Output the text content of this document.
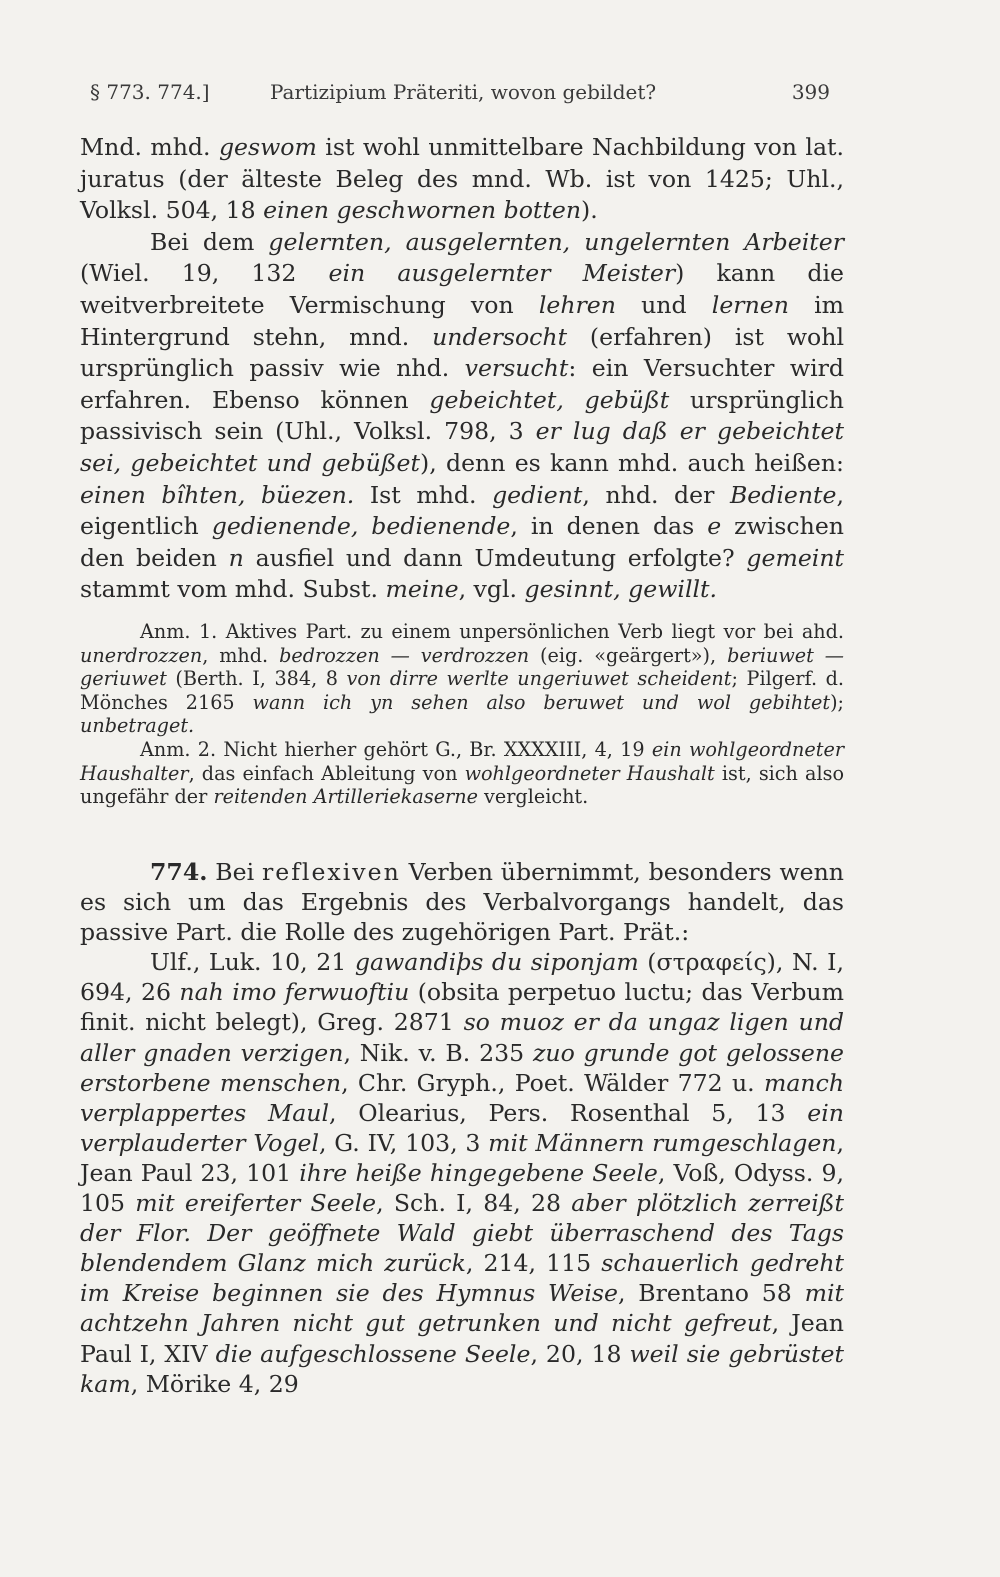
§ 773. 774.]	Partizipium Präteriti, wovon gebildet?	399

Mnd. mhd. geswom ist wohl unmittelbare Nachbildung von lat. juratus (der älteste Beleg des mnd. Wb. ist von 1425; Uhl., Volksl. 504, 18 einen geschwornen botten).

Bei dem gelernten, ausgelernten, ungelernten Arbeiter (Wiel. 19, 132 ein ausgelernter Meister) kann die weitverbreitete Vermischung von lehren und lernen im Hintergrund stehn, mnd. undersocht (erfahren) ist wohl ursprünglich passiv wie nhd. versucht: ein Versuchter wird erfahren. Ebenso können gebeichtet, gebüßt ursprünglich passivisch sein (Uhl., Volksl. 798, 3 er lug daß er gebeichtet sei, gebeichtet und gebüßet), denn es kann mhd. auch heißen: einen bîhten, büezen. Ist mhd. gedient, nhd. der Bediente, eigentlich gedienende, bedienende, in denen das e zwischen den beiden n ausfiel und dann Umdeutung erfolgte? gemeint stammt vom mhd. Subst. meine, vgl. gesinnt, gewillt.

Anm. 1. Aktives Part. zu einem unpersönlichen Verb liegt vor bei ahd. unerdrozzen, mhd. bedrozzen — verdrozzen (eig. «geärgert»), beriuwet — geriuwet (Berth. I, 384, 8 von dirre werlte ungeriuwet scheident; Pilgerf. d. Mönches 2165 wann ich yn sehen also beruwet und wol gebihtet); unbetraget.

Anm. 2. Nicht hierher gehört G., Br. XXXXIII, 4, 19 ein wohlgeordneter Haushalter, das einfach Ableitung von wohlgeordneter Haushalt ist, sich also ungefähr der reitenden Artilleriekaserne vergleicht.

774. Bei reflexiven Verben übernimmt, besonders wenn es sich um das Ergebnis des Verbalvorgangs handelt, das passive Part. die Rolle des zugehörigen Part. Prät.:

Ulf., Luk. 10, 21 gawandiþs du siponjam (στραφείς), N. I, 694, 26 nah imo ferwuoftiu (obsita perpetuo luctu; das Verbum finit. nicht belegt), Greg. 2871 so muoz er da ungaz ligen und aller gnaden verzigen, Nik. v. B. 235 zuo grunde got gelossene erstorbene menschen, Chr. Gryph., Poet. Wälder 772 u. manch verplappertes Maul, Olearius, Pers. Rosenthal 5, 13 ein verplauderter Vogel, G. IV, 103, 3 mit Männern rumgeschlagen, Jean Paul 23, 101 ihre heiße hingegebene Seele, Voß, Odyss. 9, 105 mit ereiferter Seele, Sch. I, 84, 28 aber plötzlich zerreißt der Flor. Der geöffnete Wald giebt überraschend des Tags blendendem Glanz mich zurück, 214, 115 schauerlich gedreht im Kreise beginnen sie des Hymnus Weise, Brentano 58 mit achtzehn Jahren nicht gut getrunken und nicht gefreut, Jean Paul I, XIV die aufgeschlossene Seele, 20, 18 weil sie gebrüstet kam, Mörike 4, 29
